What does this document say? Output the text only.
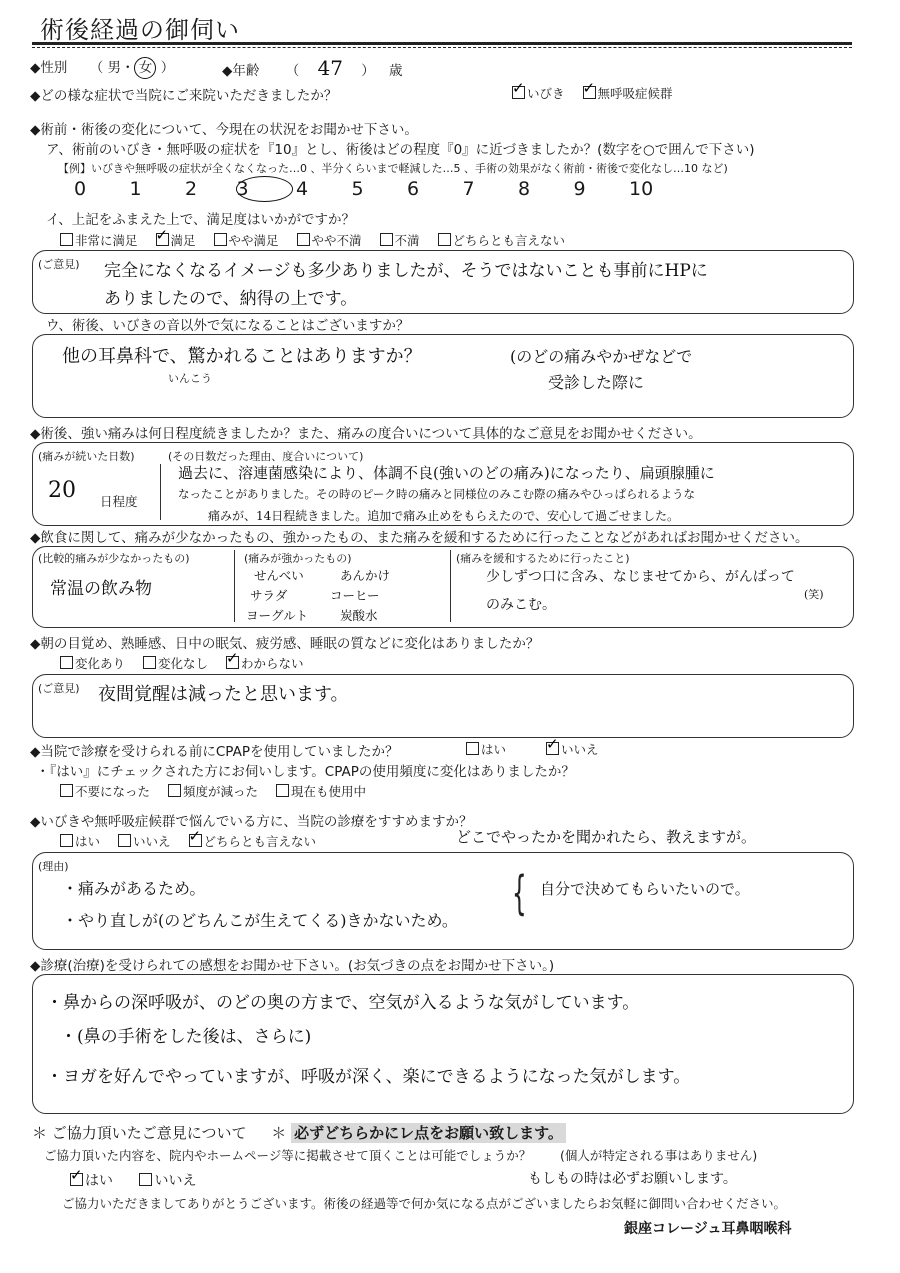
術後経過の御伺い
◆性別 （ 男・ 女 ）	◆年齢 （ 47 ） 歳
◆どの様な症状で当院にご来院いただきましたか？ ✓	いびき ✓	無呼吸症候群
◆術前・術後の変化について、今現在の状況をお聞かせ下さい。
ア、術前のいびき・無呼吸の症状を『10』とし、術後はどの程度『0』に近づきましたか？(数字を○で囲んで下さい)
【例】いびきや無呼吸の症状が全くなくなった…0 、半分くらいまで軽減した…5 、手術の効果がなく術前・術後で変化なし…10 など)
0 1 2 3 4 5 6 7 8 9 10
イ、上記をふまえた上で、満足度はいかがですか？
非常に満足 ✓	満足	やや満足	やや不満	不満	どちらとも言えない
(ご意見) 完全になくなるイメージも多少ありましたが、そうではないことも事前にHPに
ありましたので、納得の上です。
ウ、術後、いびきの音以外で気になることはございますか？
他の耳鼻科で、驚かれることはありますか？
いんこう
(のどの痛みやかぜなどで
受診した際に
◆術後、強い痛みは何日程度続きましたか？また、痛みの度合いについて具体的なご意見をお聞かせください。
(痛みが続いた日数)
20 日程度
(その日数だった理由、度合いについて)
過去に、溶連菌感染により、体調不良(強いのどの痛み)になったり、扁頭腺腫に
なったことがありました。その時のピーク時の痛みと同様位のみこむ際の痛みやひっぱられるような
痛みが、14日程続きました。追加で痛み止めをもらえたので、安心して過ごせました。
◆飲食に関して、痛みが少なかったもの、強かったもの、また痛みを緩和するために行ったことなどがあればお聞かせください。
(比較的痛みが少なかったもの)
常温の飲み物
(痛みが強かったもの)
せんべい	あんかけ
サラダ	コーヒー
ヨーグルト	炭酸水
(痛みを緩和するために行ったこと)
少しずつ口に含み、なじませてから、がんばって
のみこむ。
(笑)
◆朝の目覚め、熟睡感、日中の眠気、疲労感、睡眠の質などに変化はありましたか？
変化あり	変化なし ✓	わからない
(ご意見) 夜間覚醒は減ったと思います。
◆当院で診療を受けられる前にCPAPを使用していましたか？	はい ✓	いいえ
・『はい』にチェックされた方にお伺いします。CPAPの使用頻度に変化はありましたか？
不要になった	頻度が減った	現在も使用中
◆いびきや無呼吸症候群で悩んでいる方に、当院の診療をすすめますか？
はい	いいえ ✓	どちらとも言えない	どこでやったかを聞かれたら、教えますが。
(理由)
・痛みがあるため。
・やり直しが(のどちんこが生えてくる)きかないため。
{ 自分で決めてもらいたいので。
◆診療(治療)を受けられての感想をお聞かせ下さい。(お気づきの点をお聞かせ下さい。)
・鼻からの深呼吸が、のどの奥の方まで、空気が入るような気がしています。
・(鼻の手術をした後は、さらに)
・ヨガを好んでやっていますが、呼吸が深く、楽にできるようになった気がします。
＊ ご協力頂いたご意見について ＊ 必ずどちらかにレ点をお願い致します。
ご協力頂いた内容を、院内やホームページ等に掲載させて頂くことは可能でしょうか？ (個人が特定される事はありません)
✓はい	いいえ	もしもの時は必ずお願いします。
ご協力いただきましてありがとうございます。術後の経過等で何か気になる点がございましたらお気軽に御問い合わせください。
銀座コレージュ耳鼻咽喉科
